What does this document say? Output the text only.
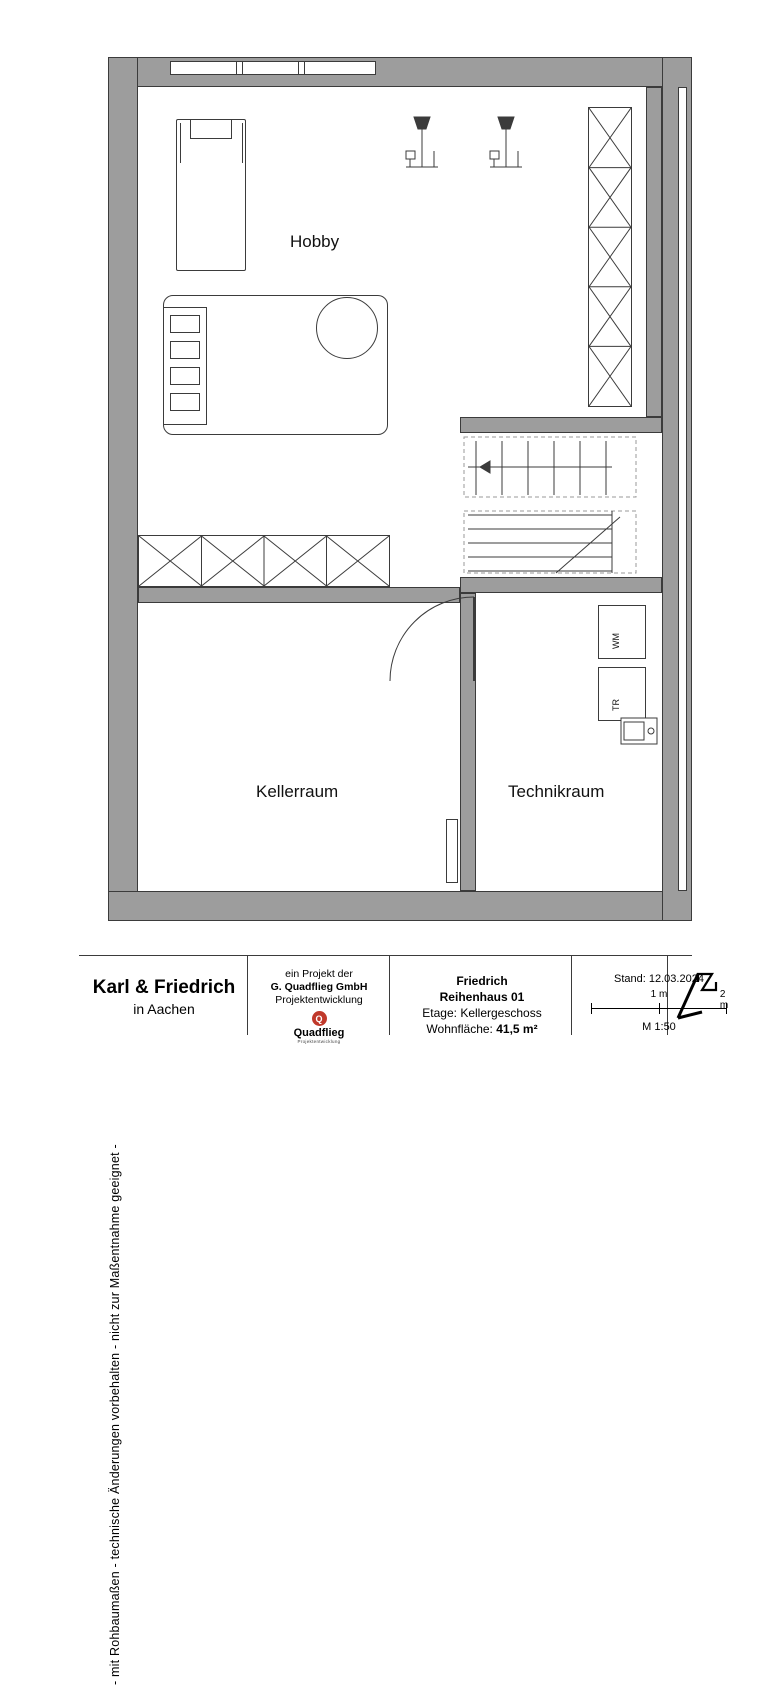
- mit Rohbaumaßen - technische Änderungen vorbehalten - nicht zur Maßentnahme geeignet -
WM
TR
Hobby
Kellerraum	Technikraum
Karl & Friedrich
in Aachen
ein Projekt der
G. Quadflieg GmbH
Projektentwicklung
Q
Quadflieg
Projektentwicklung
Friedrich
Reihenhaus 01
Etage: Kellergeschoss
Wohnfläche: 41,5 m²
Stand: 12.03.2024
1 m	2 m
M 1:50
